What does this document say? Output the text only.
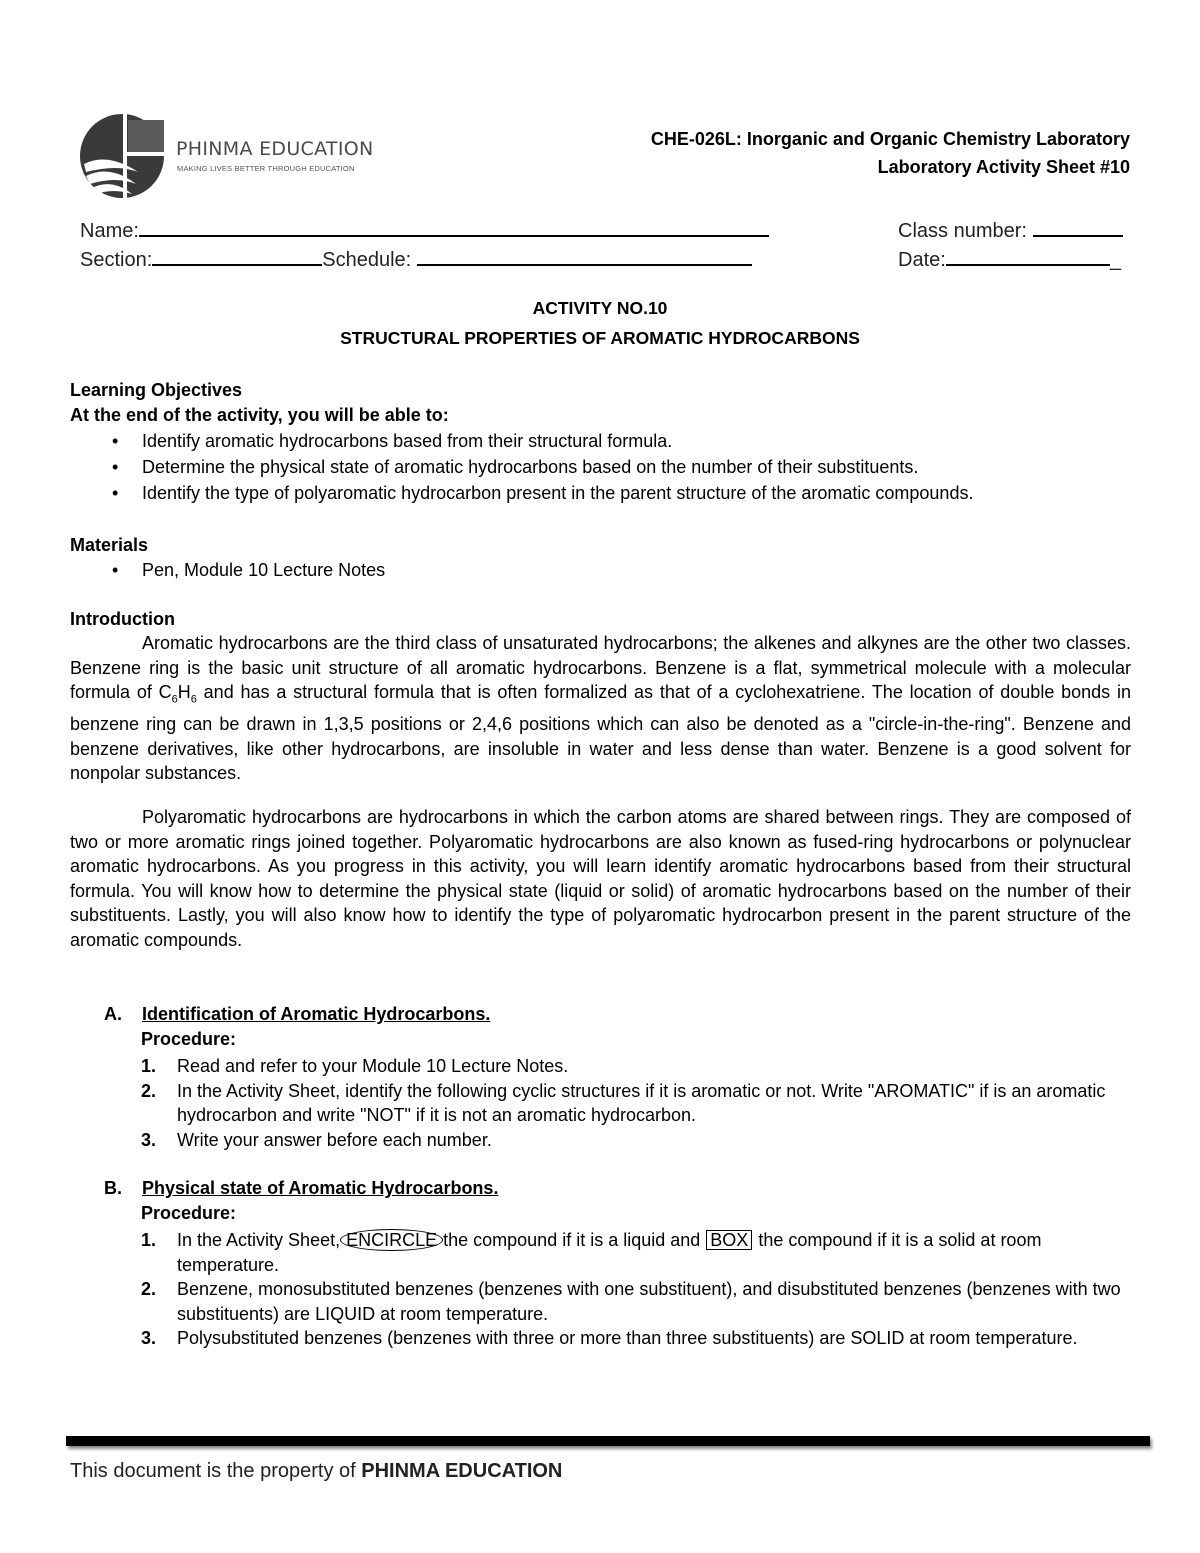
PHINMA EDUCATION
MAKING LIVES BETTER THROUGH EDUCATION
CHE-026L: Inorganic and Organic Chemistry Laboratory
Laboratory Activity Sheet #10
Name:	Class number:
Section:	Schedule:	Date:	_
ACTIVITY NO.10
STRUCTURAL PROPERTIES OF AROMATIC HYDROCARBONS
Learning Objectives
At the end of the activity, you will be able to:
• Identify aromatic hydrocarbons based from their structural formula.
• Determine the physical state of aromatic hydrocarbons based on the number of their substituents.
• Identify the type of polyaromatic hydrocarbon present in the parent structure of the aromatic compounds.
Materials
• Pen, Module 10 Lecture Notes
Introduction
Aromatic hydrocarbons are the third class of unsaturated hydrocarbons; the alkenes and alkynes are the other two classes. Benzene ring is the basic unit structure of all aromatic hydrocarbons. Benzene is a flat, symmetrical molecule with a molecular formula of $C_6H_6$ and has a structural formula that is often formalized as that of a cyclohexatriene. The location of double bonds in benzene ring can be drawn in 1,3,5 positions or 2,4,6 positions which can also be denoted as a "circle-in-the-ring". Benzene and benzene derivatives, like other hydrocarbons, are insoluble in water and less dense than water. Benzene is a good solvent for nonpolar substances.
Polyaromatic hydrocarbons are hydrocarbons in which the carbon atoms are shared between rings. They are composed of two or more aromatic rings joined together. Polyaromatic hydrocarbons are also known as fused-ring hydrocarbons or polynuclear aromatic hydrocarbons. As you progress in this activity, you will learn identify aromatic hydrocarbons based from their structural formula. You will know how to determine the physical state (liquid or solid) of aromatic hydrocarbons based on the number of their substituents. Lastly, you will also know how to identify the type of polyaromatic hydrocarbon present in the parent structure of the aromatic compounds.
A. Identification of Aromatic Hydrocarbons.
Procedure:
1. Read and refer to your Module 10 Lecture Notes.
2. In the Activity Sheet, identify the following cyclic structures if it is aromatic or not. Write "AROMATIC" if is an aromatic hydrocarbon and write "NOT" if it is not an aromatic hydrocarbon.
3. Write your answer before each number.
B. Physical state of Aromatic Hydrocarbons.
Procedure:
1. In the Activity Sheet, ENCIRCLE the compound if it is a liquid and BOX the compound if it is a solid at room temperature.
2. Benzene, monosubstituted benzenes (benzenes with one substituent), and disubstituted benzenes (benzenes with two substituents) are LIQUID at room temperature.
3. Polysubstituted benzenes (benzenes with three or more than three substituents) are SOLID at room temperature.
This document is the property of PHINMA EDUCATION
